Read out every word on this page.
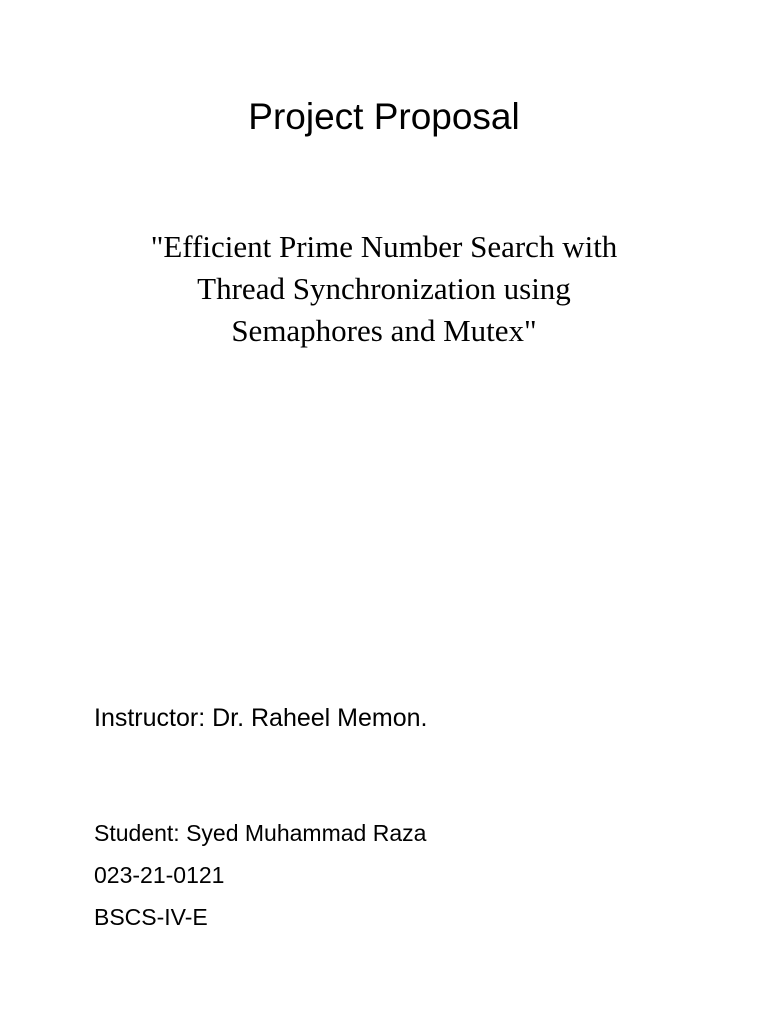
Project Proposal
"Efficient Prime Number Search with
Thread Synchronization using
Semaphores and Mutex"
Instructor: Dr. Raheel Memon.
Student: Syed Muhammad Raza
023-21-0121
BSCS-IV-E
